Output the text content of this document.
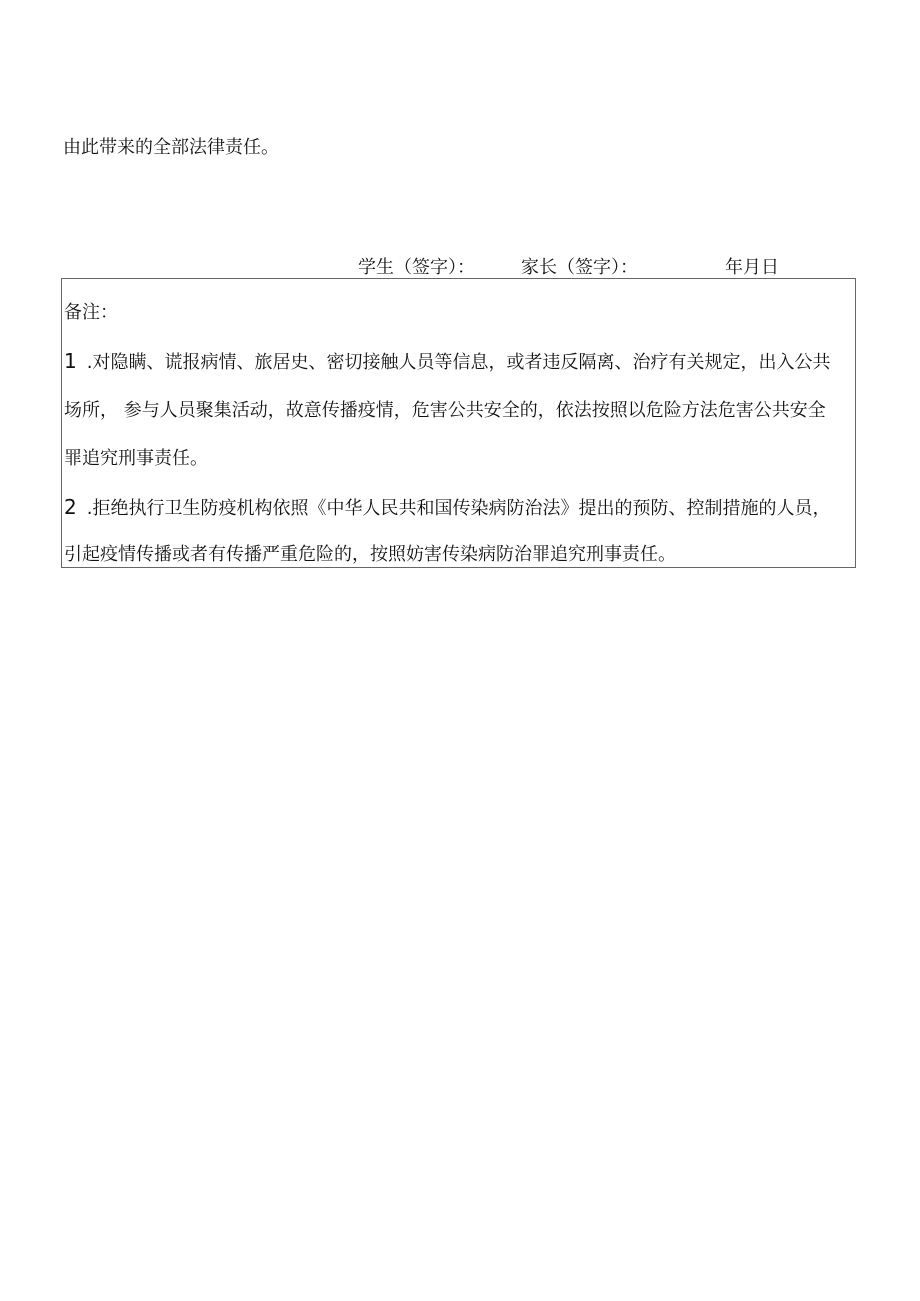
由此带来的全部法律责任。
学生（签字）：	家长（签字）：	年月日
备注：
1 .对隐瞒、谎报病情、旅居史、密切接触人员等信息，或者违反隔离、治疗有关规定，出入公共
场所， 参与人员聚集活动，故意传播疫情，危害公共安全的，依法按照以危险方法危害公共安全
罪追究刑事责任。
2 .拒绝执行卫生防疫机构依照《中华人民共和国传染病防治法》提出的预防、控制措施的人员，
引起疫情传播或者有传播严重危险的，按照妨害传染病防治罪追究刑事责任。
